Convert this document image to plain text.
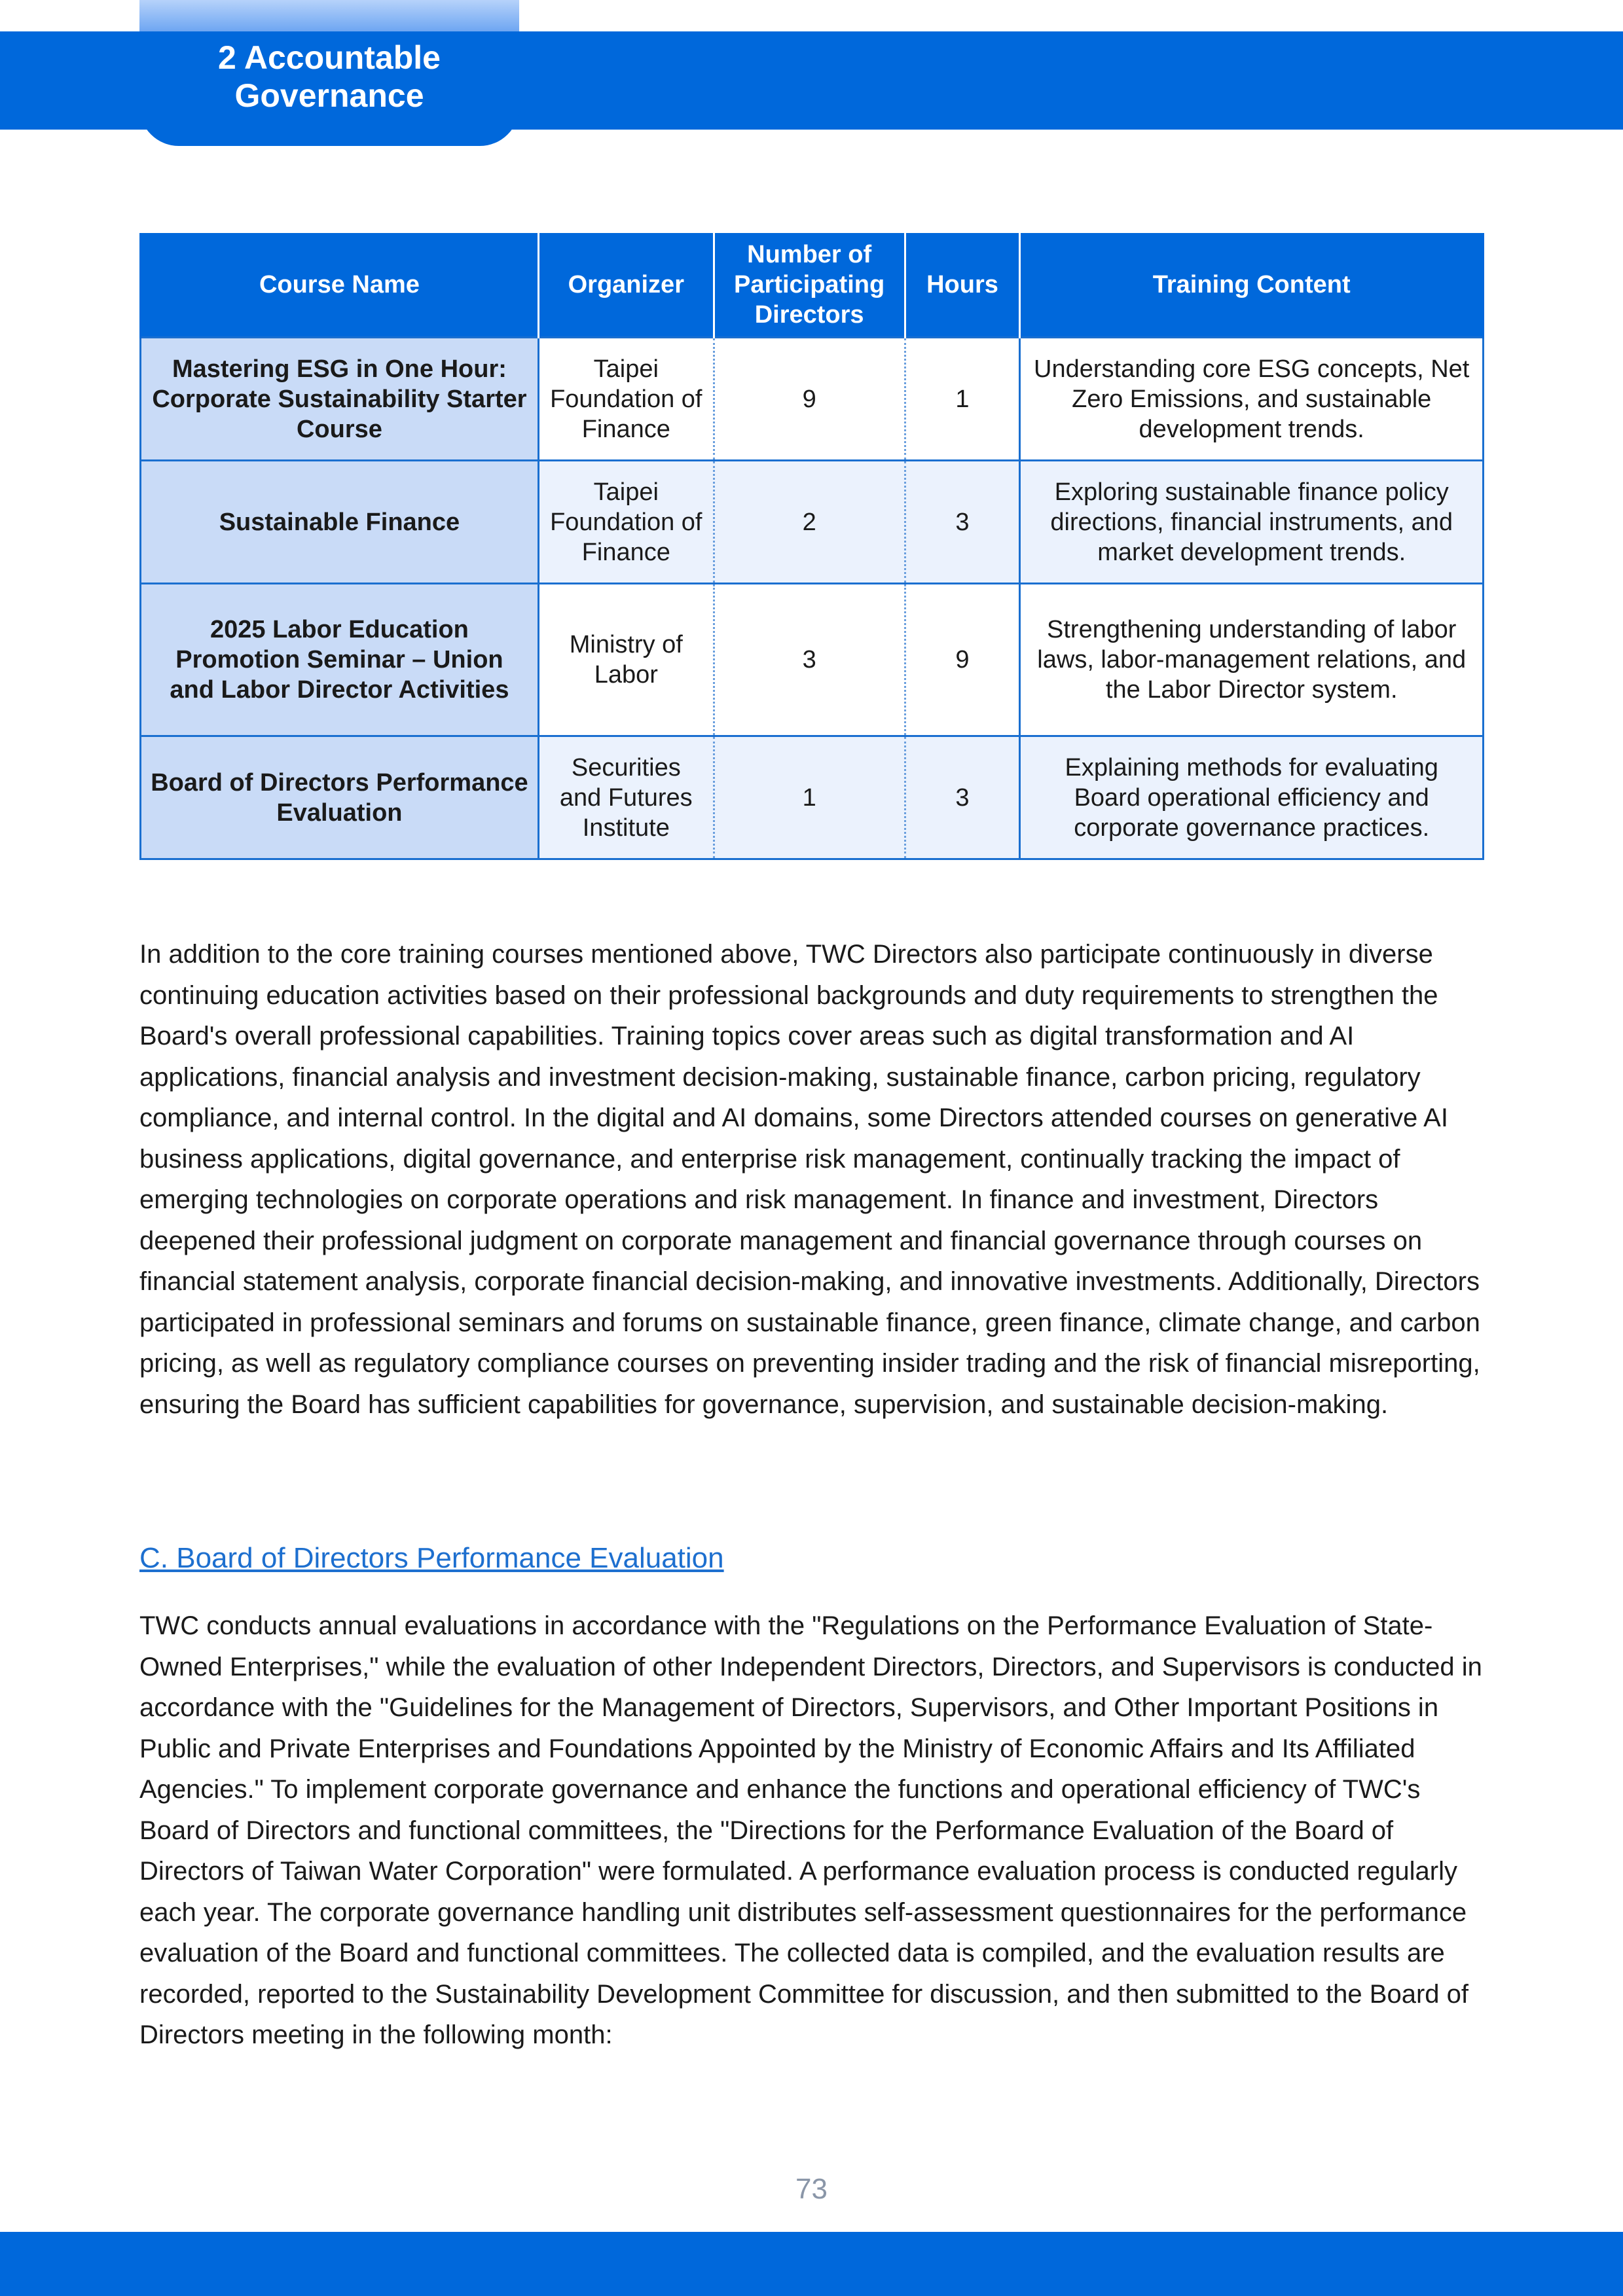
2 Accountable
Governance
Course Name	Organizer	Number of Participating Directors	Hours	Training Content
Mastering ESG in One Hour: Corporate Sustainability Starter Course	Taipei Foundation of Finance	9	1	Understanding core ESG concepts, Net Zero Emissions, and sustainable development trends.
Sustainable Finance	Taipei Foundation of Finance	2	3	Exploring sustainable finance policy directions, financial instruments, and market development trends.
2025 Labor Education Promotion Seminar – Union and Labor Director Activities	Ministry of Labor	3	9	Strengthening understanding of labor laws, labor-management relations, and the Labor Director system.
Board of Directors Performance Evaluation	Securities and Futures Institute	1	3	Explaining methods for evaluating Board operational efficiency and corporate governance practices.

In addition to the core training courses mentioned above, TWC Directors also participate continuously in diverse continuing education activities based on their professional backgrounds and duty requirements to strengthen the Board's overall professional capabilities. Training topics cover areas such as digital transformation and AI applications, financial analysis and investment decision-making, sustainable finance, carbon pricing, regulatory compliance, and internal control. In the digital and AI domains, some Directors attended courses on generative AI business applications, digital governance, and enterprise risk management, continually tracking the impact of emerging technologies on corporate operations and risk management. In finance and investment, Directors deepened their professional judgment on corporate management and financial governance through courses on financial statement analysis, corporate financial decision-making, and innovative investments. Additionally, Directors participated in professional seminars and forums on sustainable finance, green finance, climate change, and carbon pricing, as well as regulatory compliance courses on preventing insider trading and the risk of financial misreporting, ensuring the Board has sufficient capabilities for governance, supervision, and sustainable decision-making.

C. Board of Directors Performance Evaluation

TWC conducts annual evaluations in accordance with the "Regulations on the Performance Evaluation of State-Owned Enterprises," while the evaluation of other Independent Directors, Directors, and Supervisors is conducted in accordance with the "Guidelines for the Management of Directors, Supervisors, and Other Important Positions in Public and Private Enterprises and Foundations Appointed by the Ministry of Economic Affairs and Its Affiliated Agencies." To implement corporate governance and enhance the functions and operational efficiency of TWC's Board of Directors and functional committees, the "Directions for the Performance Evaluation of the Board of Directors of Taiwan Water Corporation" were formulated. A performance evaluation process is conducted regularly each year. The corporate governance handling unit distributes self-assessment questionnaires for the performance evaluation of the Board and functional committees. The collected data is compiled, and the evaluation results are recorded, reported to the Sustainability Development Committee for discussion, and then submitted to the Board of Directors meeting in the following month:

73
